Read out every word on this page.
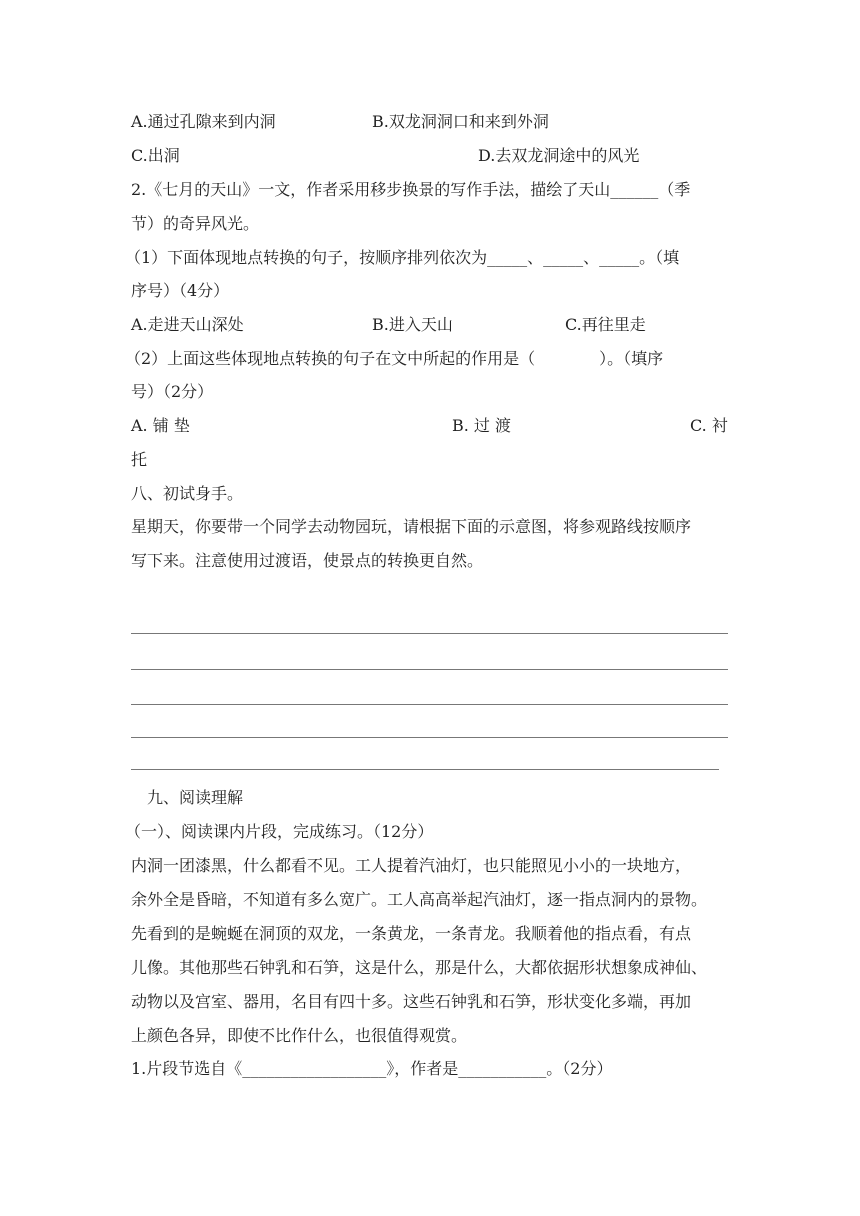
A.通过孔隙来到内洞	B.双龙洞洞口和来到外洞
C.出洞	D.去双龙洞途中的风光
2.《七月的天山》一文，作者采用移步换景的写作手法，描绘了天山______（季
节）的奇异风光。
（1）下面体现地点转换的句子，按顺序排列依次为_____、_____、_____。（填
序号）（4分）
A.走进天山深处	B.进入天山	C.再往里走
（2）上面这些体现地点转换的句子在文中所起的作用是（　　　　）。（填序
号）（2分）
A. 铺 垫	B. 过 渡	C. 衬
托
八、初试身手。
星期天，你要带一个同学去动物园玩，请根据下面的示意图，将参观路线按顺序
写下来。注意使用过渡语，使景点的转换更自然。
九、阅读理解
（一）、阅读课内片段，完成练习。（12分）
内洞一团漆黑，什么都看不见。工人提着汽油灯，也只能照见小小的一块地方，
余外全是昏暗，不知道有多么宽广。工人高高举起汽油灯，逐一指点洞内的景物。
先看到的是蜿蜒在洞顶的双龙，一条黄龙，一条青龙。我顺着他的指点看，有点
儿像。其他那些石钟乳和石笋，这是什么，那是什么，大都依据形状想象成神仙、
动物以及宫室、器用，名目有四十多。这些石钟乳和石笋，形状变化多端，再加
上颜色各异，即使不比作什么，也很值得观赏。
1.片段节选自《__________________》，作者是___________。（2分）
